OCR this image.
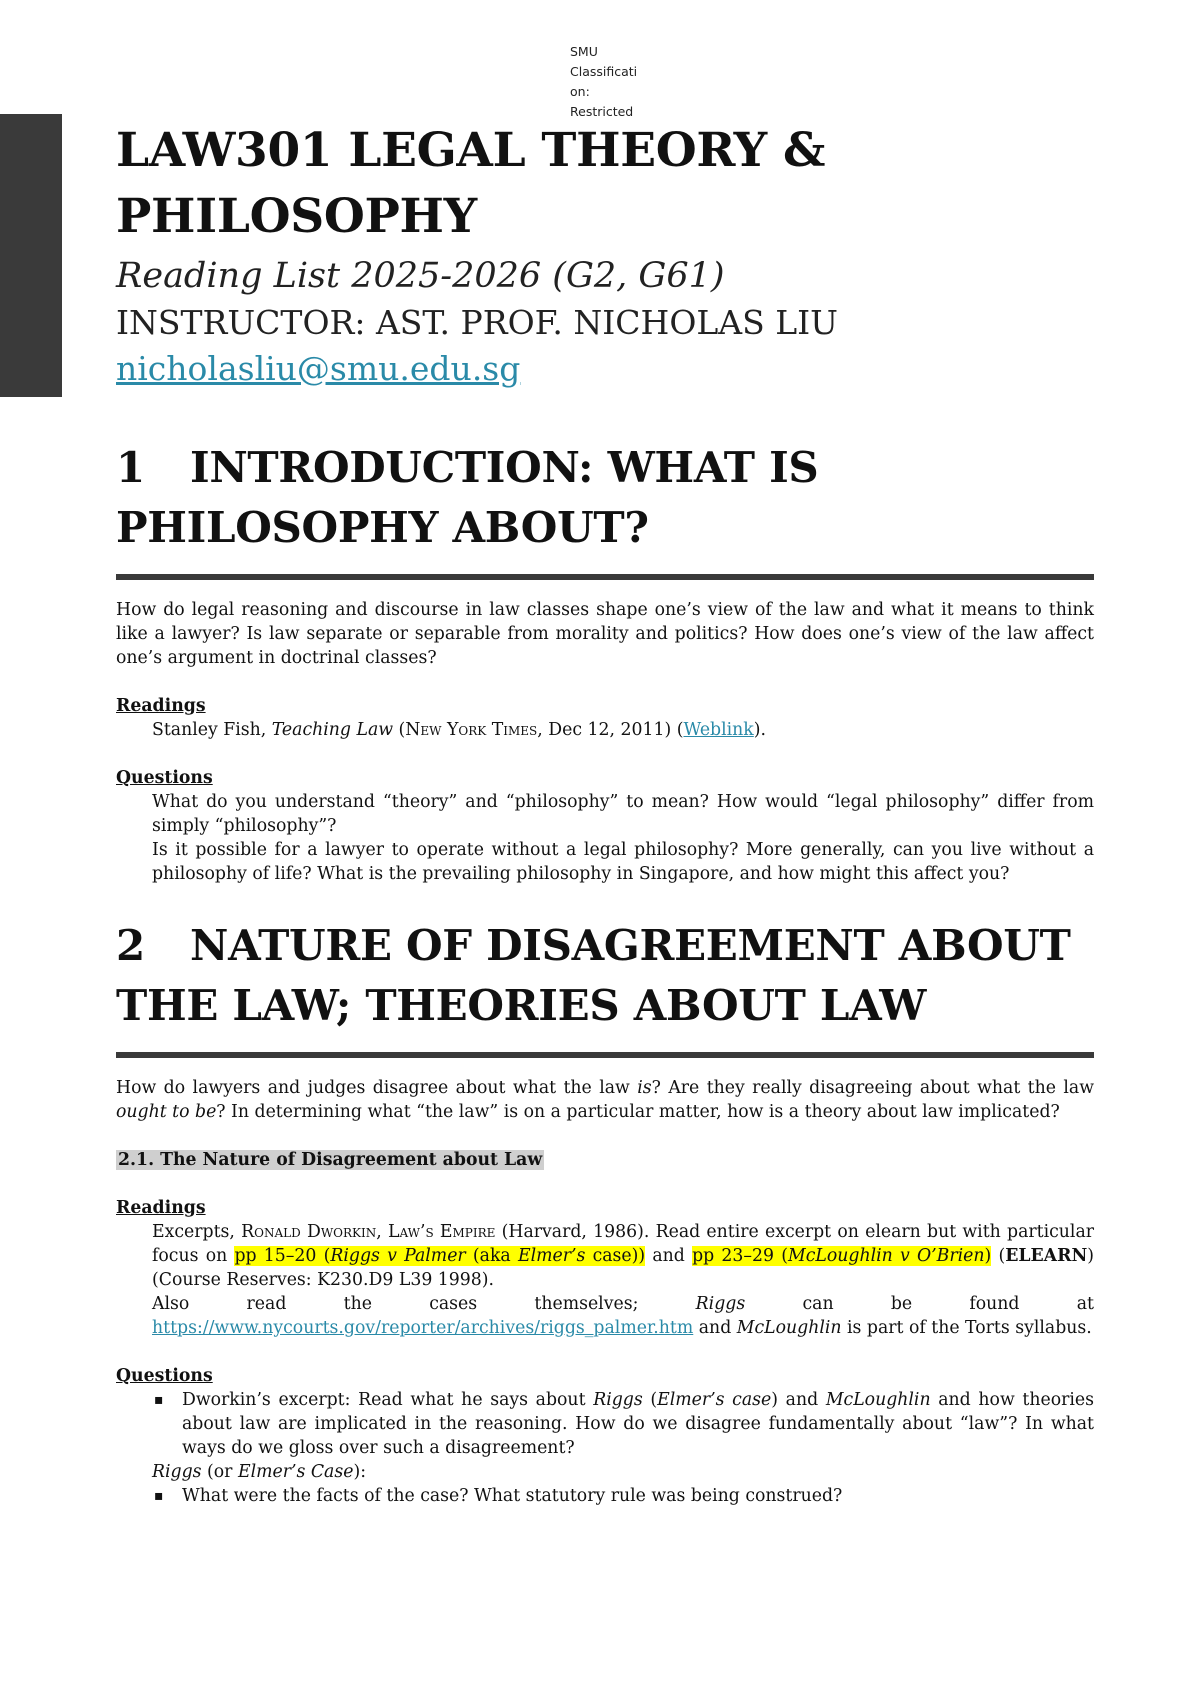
SMU
Classificati
on:
Restricted
LAW301 LEGAL THEORY &
PHILOSOPHY
Reading List 2025-2026 (G2, G61)
INSTRUCTOR: AST. PROF. NICHOLAS LIU
nicholasliu@smu.edu.sg
1 INTRODUCTION: WHAT IS
PHILOSOPHY ABOUT?

How do legal reasoning and discourse in law classes shape one’s view of the law and what it means to think like a lawyer? Is law separate or separable from morality and politics? How does one’s view of the law affect one’s argument in doctrinal classes?

Readings

Stanley Fish, Teaching Law (New York Times, Dec 12, 2011) (Weblink).

Questions

What do you understand “theory” and “philosophy” to mean? How would “legal philosophy” differ from simply “philosophy”?
Is it possible for a lawyer to operate without a legal philosophy? More generally, can you live without a philosophy of life? What is the prevailing philosophy in Singapore, and how might this affect you?
2 NATURE OF DISAGREEMENT ABOUT
THE LAW; THEORIES ABOUT LAW

How do lawyers and judges disagree about what the law is? Are they really disagreeing about what the law ought to be? In determining what “the law” is on a particular matter, how is a theory about law implicated?

2.1. The Nature of Disagreement about Law

Readings

Excerpts, Ronald Dworkin, Law’s Empire (Harvard, 1986). Read entire excerpt on elearn but with particular focus on pp 15–20 (Riggs v Palmer (aka Elmer’s case)) and pp 23–29 (McLoughlin v O’Brien) (ELEARN) (Course Reserves: K230.D9 L39 1998).
Also read the cases themselves; Riggs can be found at https://www.nycourts.gov/reporter/archives/riggs_palmer.htm and McLoughlin is part of the Torts syllabus.

Questions

▪ Dworkin’s excerpt: Read what he says about Riggs (Elmer’s case) and McLoughlin and how theories about law are implicated in the reasoning. How do we disagree fundamentally about “law”? In what ways do we gloss over such a disagreement?
Riggs (or Elmer’s Case):
▪ What were the facts of the case? What statutory rule was being construed?
